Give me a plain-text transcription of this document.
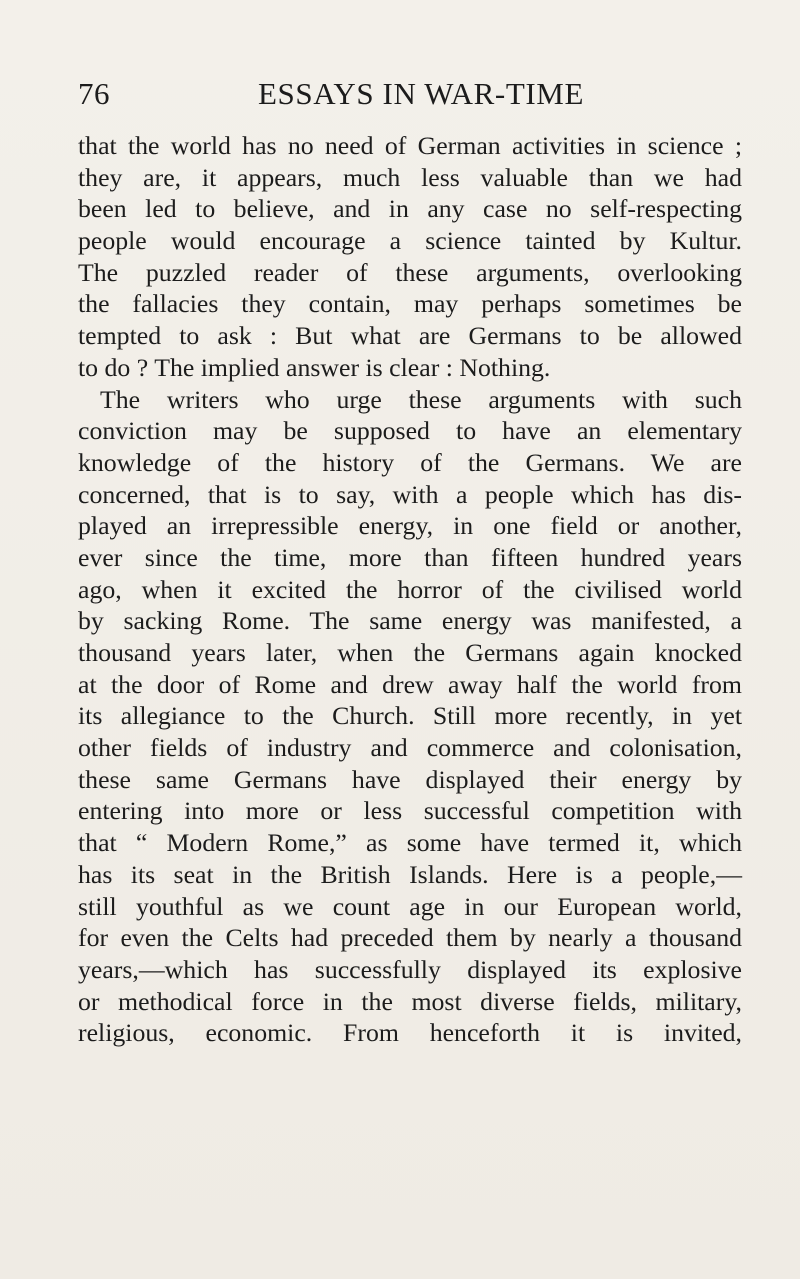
76	ESSAYS IN WAR-TIME
that the world has no need of German activities in science ;
they are, it appears, much less valuable than we had
been led to believe, and in any case no self-respecting
people would encourage a science tainted by Kultur.
The puzzled reader of these arguments, overlooking
the fallacies they contain, may perhaps sometimes be
tempted to ask : But what are Germans to be allowed
to do ? The implied answer is clear : Nothing.
The writers who urge these arguments with such
conviction may be supposed to have an elementary
knowledge of the history of the Germans. We are
concerned, that is to say, with a people which has dis-
played an irrepressible energy, in one field or another,
ever since the time, more than fifteen hundred years
ago, when it excited the horror of the civilised world
by sacking Rome. The same energy was manifested, a
thousand years later, when the Germans again knocked
at the door of Rome and drew away half the world from
its allegiance to the Church. Still more recently, in yet
other fields of industry and commerce and colonisation,
these same Germans have displayed their energy by
entering into more or less successful competition with
that “ Modern Rome,” as some have termed it, which
has its seat in the British Islands. Here is a people,—
still youthful as we count age in our European world,
for even the Celts had preceded them by nearly a thousand
years,—which has successfully displayed its explosive
or methodical force in the most diverse fields, military,
religious, economic. From henceforth it is invited,
